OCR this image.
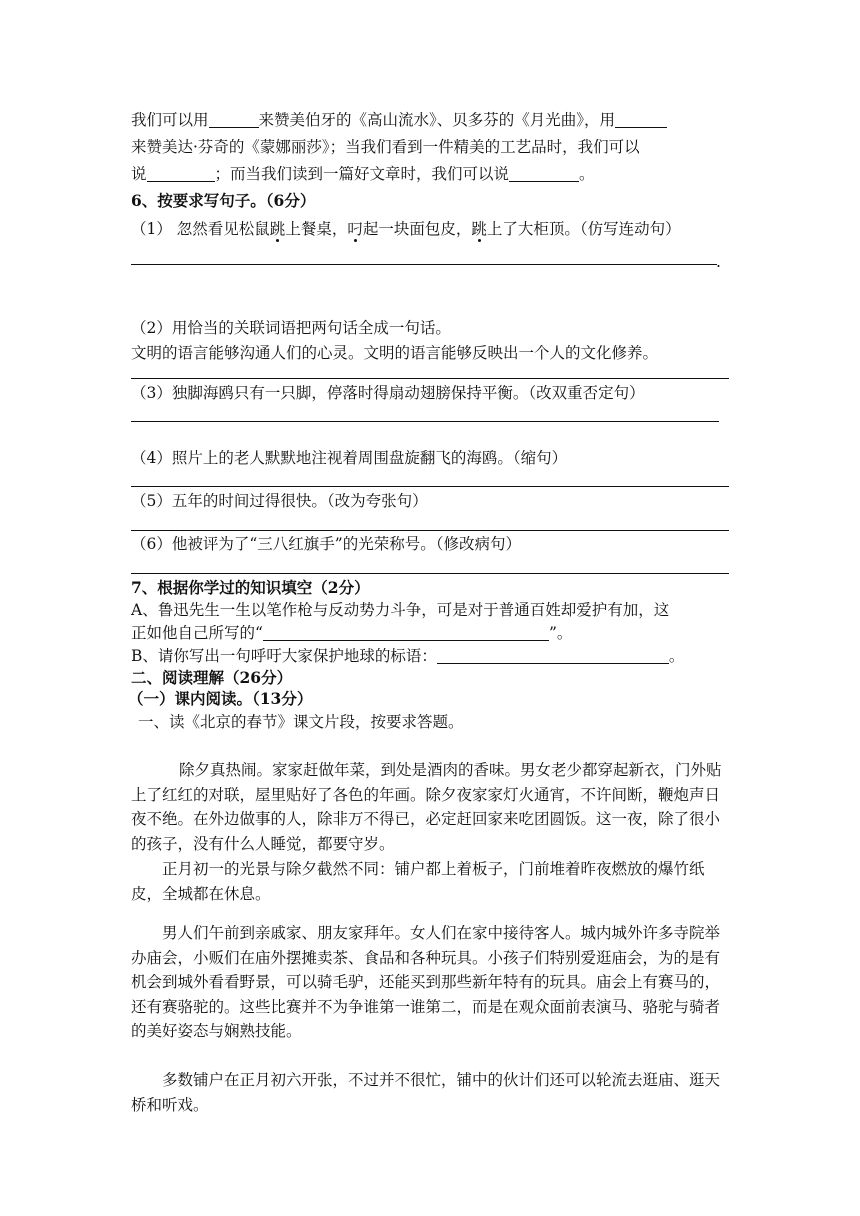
我们可以用	来赞美伯牙的《高山流水》、贝多芬的《月光曲》，用
来赞美达·芬奇的《蒙娜丽莎》；当我们看到一件精美的工艺品时，我们可以
说	；而当我们读到一篇好文章时，我们可以说	。
6、按要求写句子。（6分）
（1） 忽然看见松鼠跳上餐桌，叼起一块面包皮，跳上了大柜顶。（仿写连动句）
.
（2）用恰当的关联词语把两句话全成一句话。
文明的语言能够沟通人们的心灵。文明的语言能够反映出一个人的文化修养。
（3）独脚海鸥只有一只脚，停落时得扇动翅膀保持平衡。（改双重否定句）
（4）照片上的老人默默地注视着周围盘旋翻飞的海鸥。（缩句）
（5）五年的时间过得很快。（改为夸张句）
（6）他被评为了“三八红旗手”的光荣称号。（修改病句）
7、根据你学过的知识填空（2分）
A、鲁迅先生一生以笔作枪与反动势力斗争，可是对于普通百姓却爱护有加，这
正如他自己所写的“	”。
B、请你写出一句呼吁大家保护地球的标语：	。
二、阅读理解（26分）
（一）课内阅读。（13分）
一、读《北京的春节》课文片段，按要求答题。

除夕真热闹。家家赶做年菜，到处是酒肉的香味。男女老少都穿起新衣，门外贴上了红红的对联，屋里贴好了各色的年画。除夕夜家家灯火通宵，不许间断，鞭炮声日夜不绝。在外边做事的人，除非万不得已，必定赶回家来吃团圆饭。这一夜，除了很小的孩子，没有什么人睡觉，都要守岁。

正月初一的光景与除夕截然不同：铺户都上着板子，门前堆着昨夜燃放的爆竹纸皮，全城都在休息。

男人们午前到亲戚家、朋友家拜年。女人们在家中接待客人。城内城外许多寺院举办庙会，小贩们在庙外摆摊卖茶、食品和各种玩具。小孩子们特别爱逛庙会，为的是有机会到城外看看野景，可以骑毛驴，还能买到那些新年特有的玩具。庙会上有赛马的，还有赛骆驼的。这些比赛并不为争谁第一谁第二，而是在观众面前表演马、骆驼与骑者的美好姿态与娴熟技能。

多数铺户在正月初六开张，不过并不很忙，铺中的伙计们还可以轮流去逛庙、逛天桥和听戏。
